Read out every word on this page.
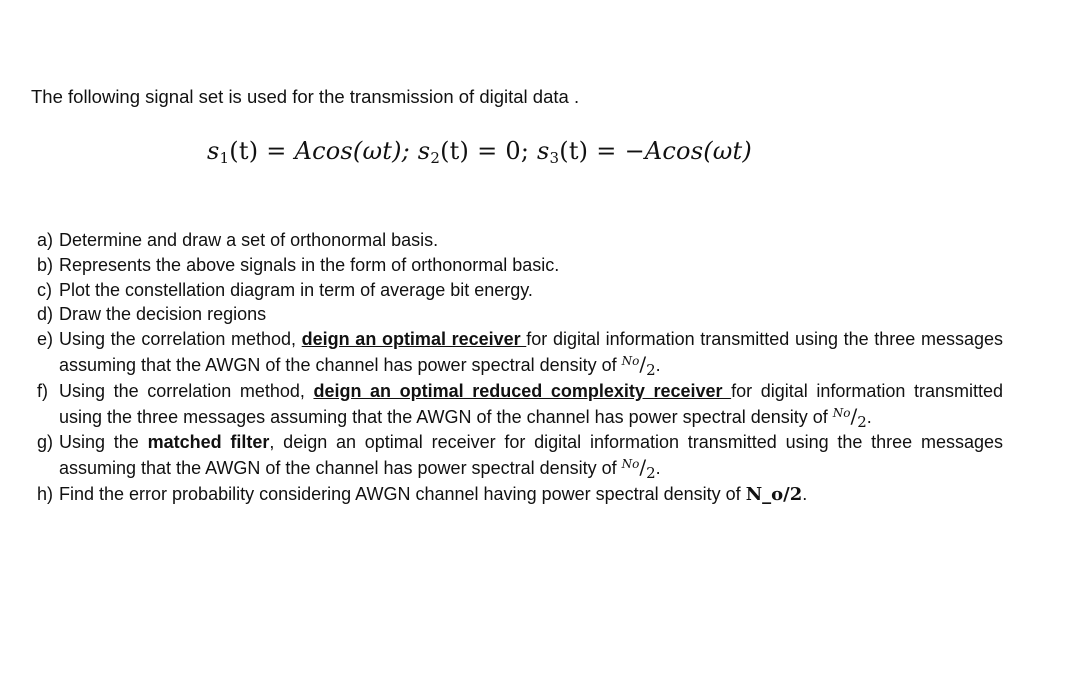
The following signal set is used for the transmission of digital data .
$s_1(t) = Acos(\omega t)$; $s_2(t) = 0$; $s_3(t) = -Acos(\omega t)$
a) Determine and draw a set of orthonormal basis.
b) Represents the above signals in the form of orthonormal basic.
c) Plot the constellation diagram in term of average bit energy.
d) Draw the decision regions
e) Using the correlation method, deign an optimal receiver for digital information transmitted using the three messages assuming that the AWGN of the channel has power spectral density of $^{No}/_2$.
f) Using the correlation method, deign an optimal reduced complexity receiver for digital information transmitted using the three messages assuming that the AWGN of the channel has power spectral density of $^{No}/_2$.
g) Using the matched filter, deign an optimal receiver for digital information transmitted using the three messages assuming that the AWGN of the channel has power spectral density of $^{No}/_2$.
h) Find the error probability considering AWGN channel having power spectral density of N_o/2.
